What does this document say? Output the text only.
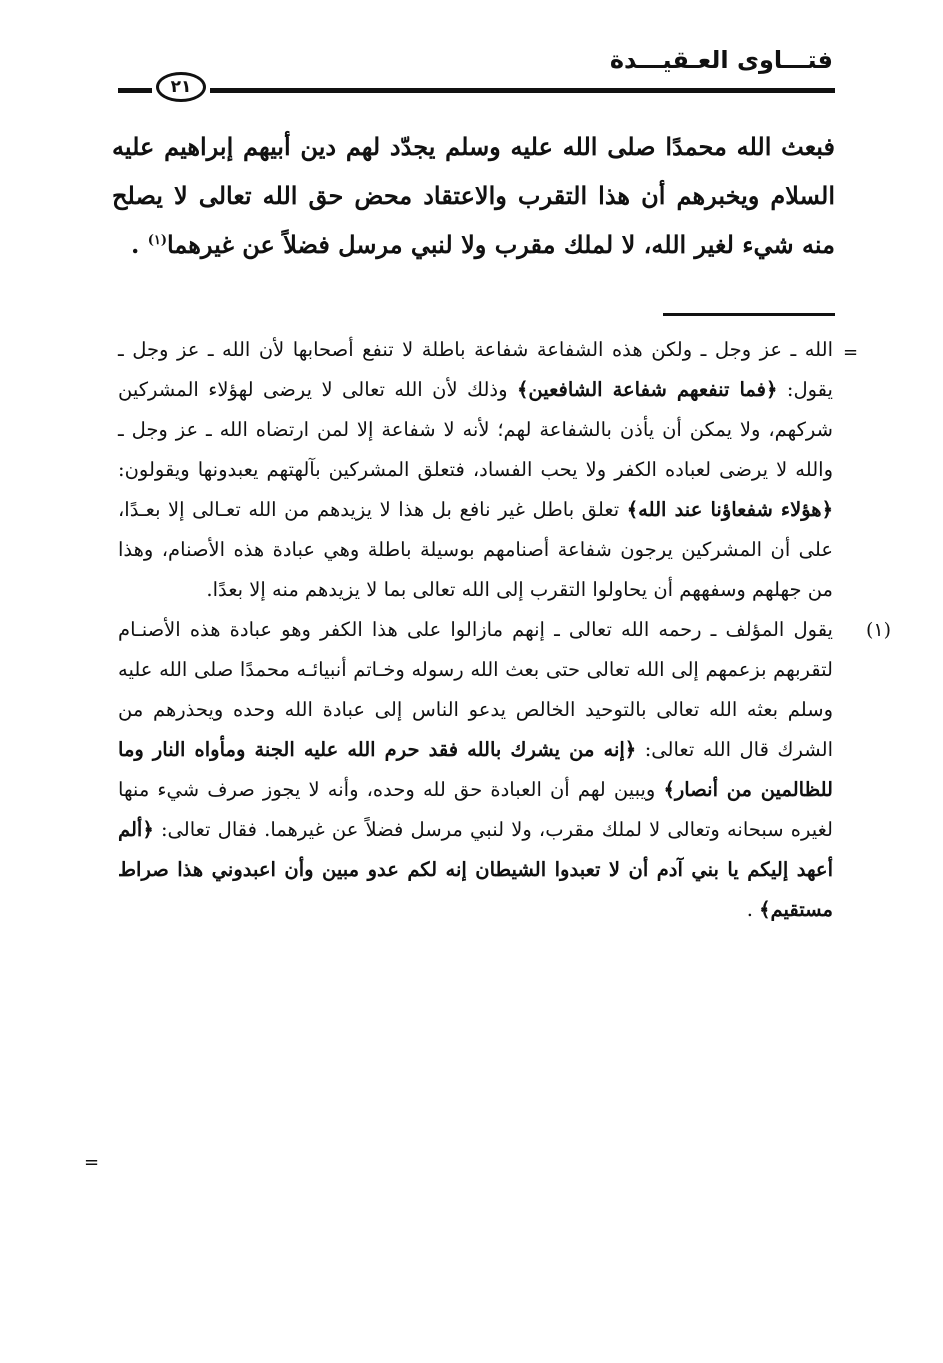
فتـــاوى العـقيـــدة
٢١

فبعث الله محمدًا صلى الله عليه وسلم يجدّد لهم دين أبيهم إبراهيم عليه السلام ويخبرهم أن هذا التقرب والاعتقاد محض حق الله تعالى لا يصلح منه شيء لغير الله، لا لملك مقرب ولا لنبي مرسل فضلاً عن غيرهما$^{(١)}$ .

=

الله ـ عز وجل ـ ولكن هذه الشفاعة شفاعة باطلة لا تنفع أصحابها لأن الله ـ عز وجل ـ يقول: ﴿فما تنفعهم شفاعة الشافعين﴾ وذلك لأن الله تعالى لا يرضى لهؤلاء المشركين شركهم، ولا يمكن أن يأذن بالشفاعة لهم؛ لأنه لا شفاعة إلا لمن ارتضاه الله ـ عز وجل ـ والله لا يرضى لعباده الكفر ولا يحب الفساد، فتعلق المشركين بآلهتهم يعبدونها ويقولون: ﴿هؤلاء شفعاؤنا عند الله﴾ تعلق باطل غير نافع بل هذا لا يزيدهم من الله تعـالى إلا بعـدًا، على أن المشركين يرجون شفاعة أصنامهم بوسيلة باطلة وهي عبادة هذه الأصنام، وهذا من جهلهم وسفههم أن يحاولوا التقرب إلى الله تعالى بما لا يزيدهم منه إلا بعدًا.

(١)
يقول المؤلف ـ رحمه الله تعالى ـ إنهم مازالوا على هذا الكفر وهو عبادة هذه الأصنـام لتقربهم بزعمهم إلى الله تعالى حتى بعث الله رسوله وخـاتم أنبيائـه محمدًا صلى الله عليه وسلم بعثه الله تعالى بالتوحيد الخالص يدعو الناس إلى عبادة الله وحده ويحذرهم من الشرك قال الله تعالى: ﴿إنه من يشرك بالله فقد حرم الله عليه الجنة ومأواه النار وما للظالمين من أنصار﴾ ويبين لهم أن العبادة حق لله وحده، وأنه لا يجوز صرف شيء منها لغيره سبحانه وتعالى لا لملك مقرب، ولا لنبي مرسل فضلاً عن غيرهما. فقال تعالى: ﴿ألم أعهد إليكم يا بني آدم أن لا تعبدوا الشيطان إنه لكم عدو مبين وأن اعبدوني هذا صراط مستقيم﴾ .

=
